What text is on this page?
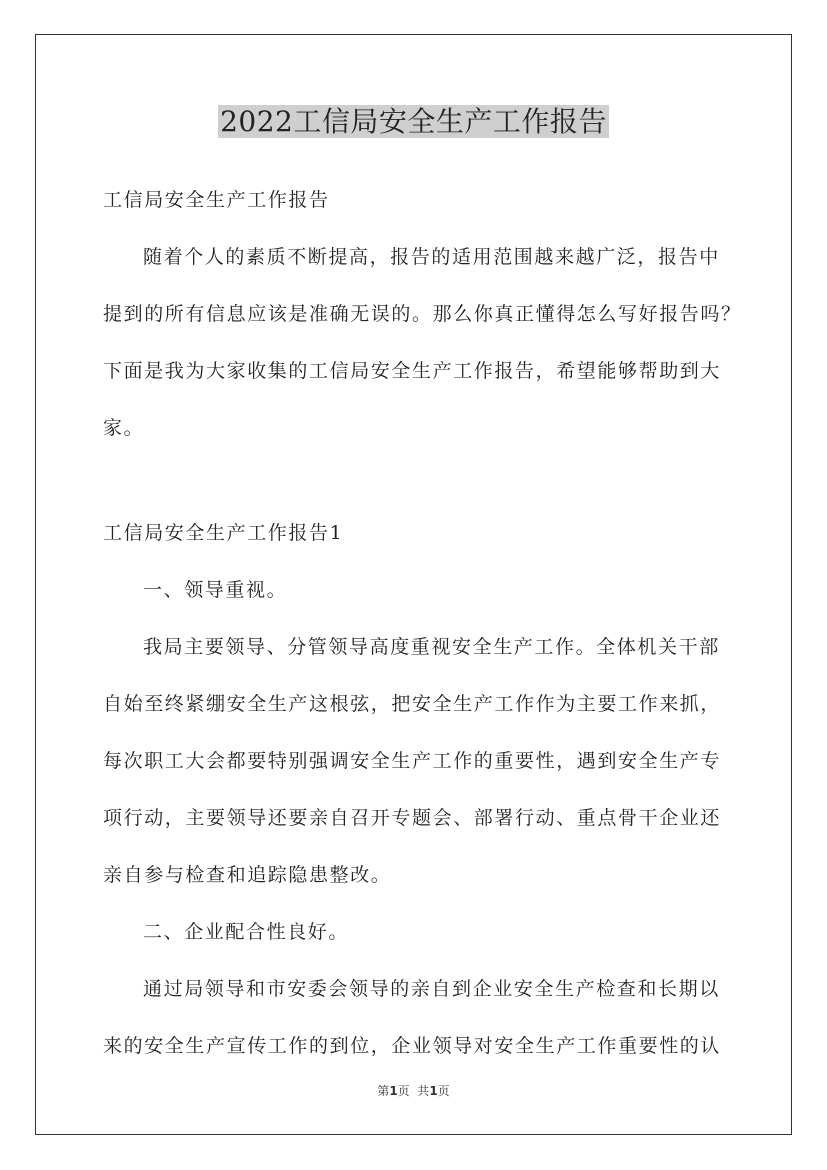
2022工信局安全生产工作报告
工信局安全生产工作报告
随着个人的素质不断提高，报告的适用范围越来越广泛，报告中
提到的所有信息应该是准确无误的。那么你真正懂得怎么写好报告吗？
下面是我为大家收集的工信局安全生产工作报告，希望能够帮助到大
家。
工信局安全生产工作报告1
一、领导重视。
我局主要领导、分管领导高度重视安全生产工作。全体机关干部
自始至终紧绷安全生产这根弦，把安全生产工作作为主要工作来抓，
每次职工大会都要特别强调安全生产工作的重要性，遇到安全生产专
项行动，主要领导还要亲自召开专题会、部署行动、重点骨干企业还
亲自参与检查和追踪隐患整改。
二、企业配合性良好。
通过局领导和市安委会领导的亲自到企业安全生产检查和长期以
来的安全生产宣传工作的到位，企业领导对安全生产工作重要性的认
第1页  共1页
